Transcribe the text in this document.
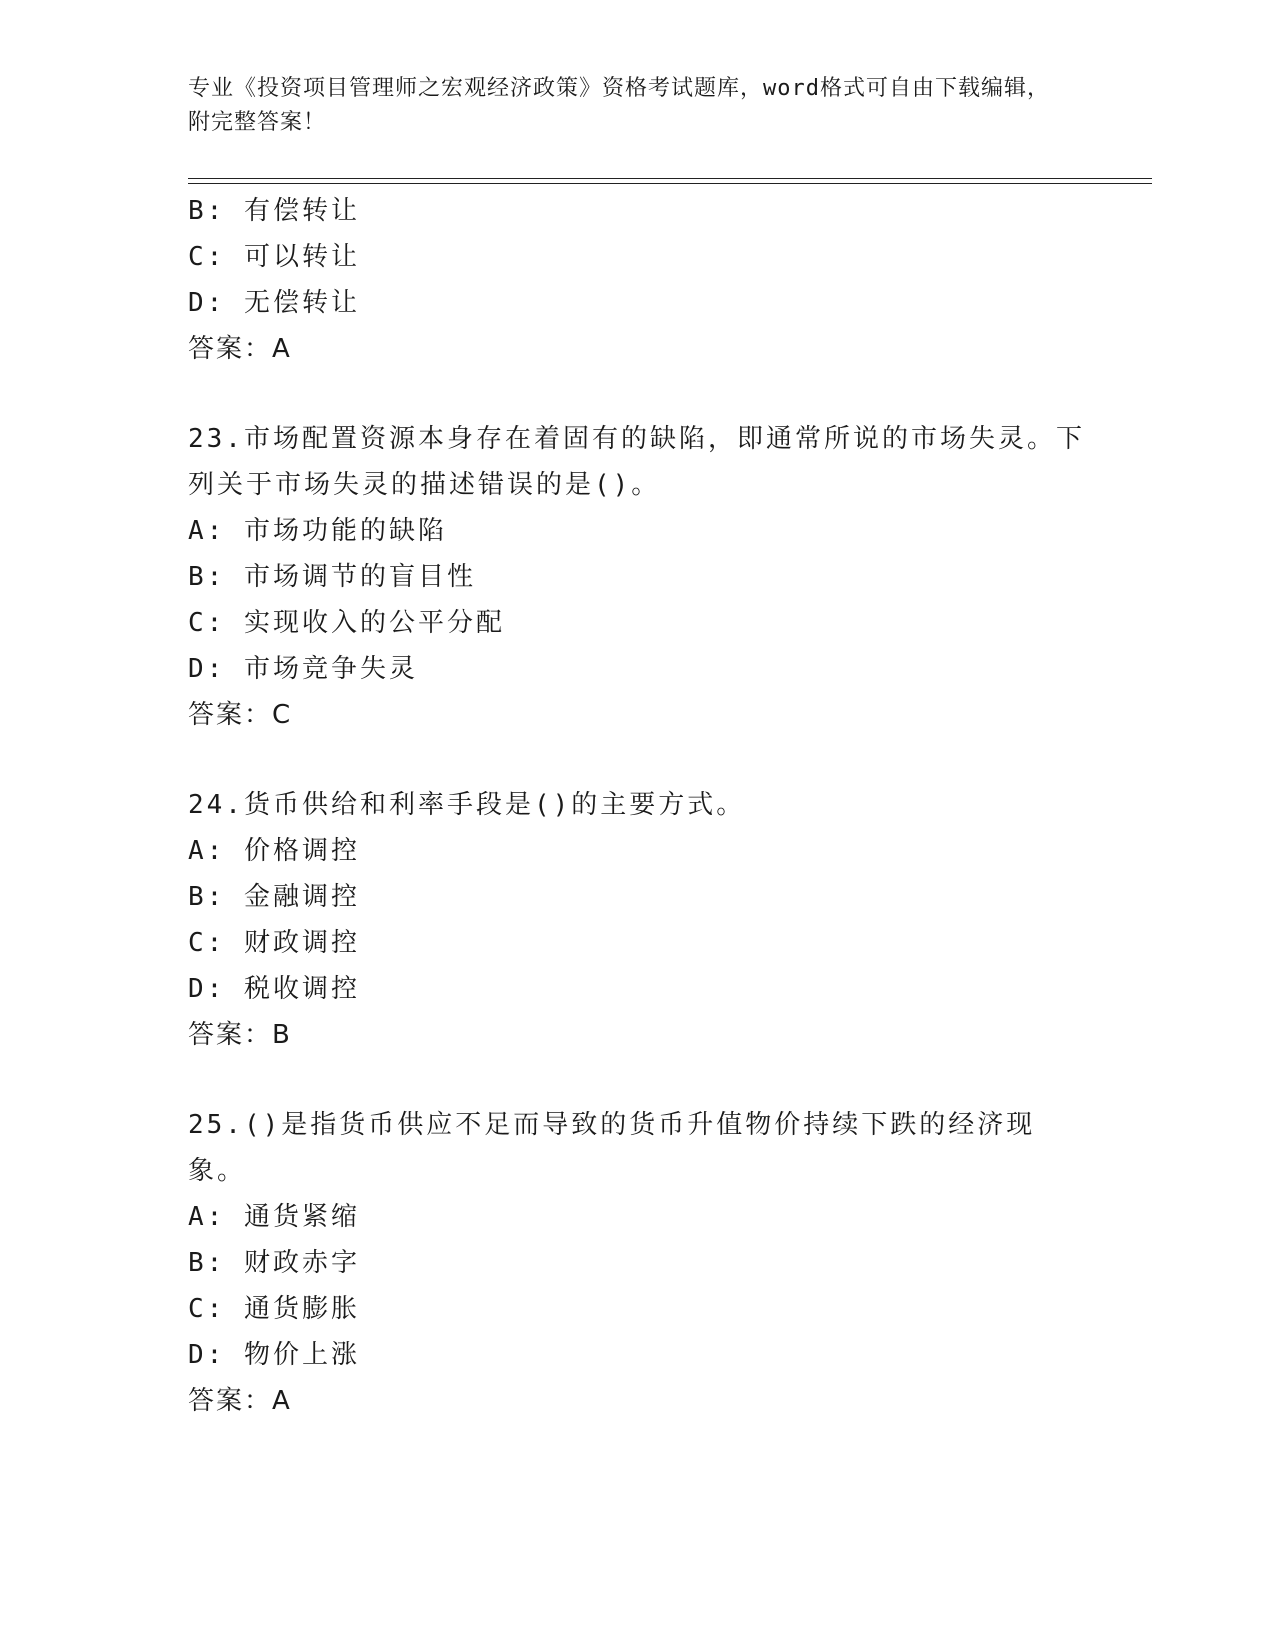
专业《投资项目管理师之宏观经济政策》资格考试题库，word格式可自由下载编辑，附完整答案！
B: 有偿转让
C: 可以转让
D: 无偿转让
答案：A
23.市场配置资源本身存在着固有的缺陷，即通常所说的市场失灵。下列关于市场失灵的描述错误的是()。
A: 市场功能的缺陷
B: 市场调节的盲目性
C: 实现收入的公平分配
D: 市场竞争失灵
答案：C
24.货币供给和利率手段是()的主要方式。
A: 价格调控
B: 金融调控
C: 财政调控
D: 税收调控
答案：B
25.()是指货币供应不足而导致的货币升值物价持续下跌的经济现象。
A: 通货紧缩
B: 财政赤字
C: 通货膨胀
D: 物价上涨
答案：A
